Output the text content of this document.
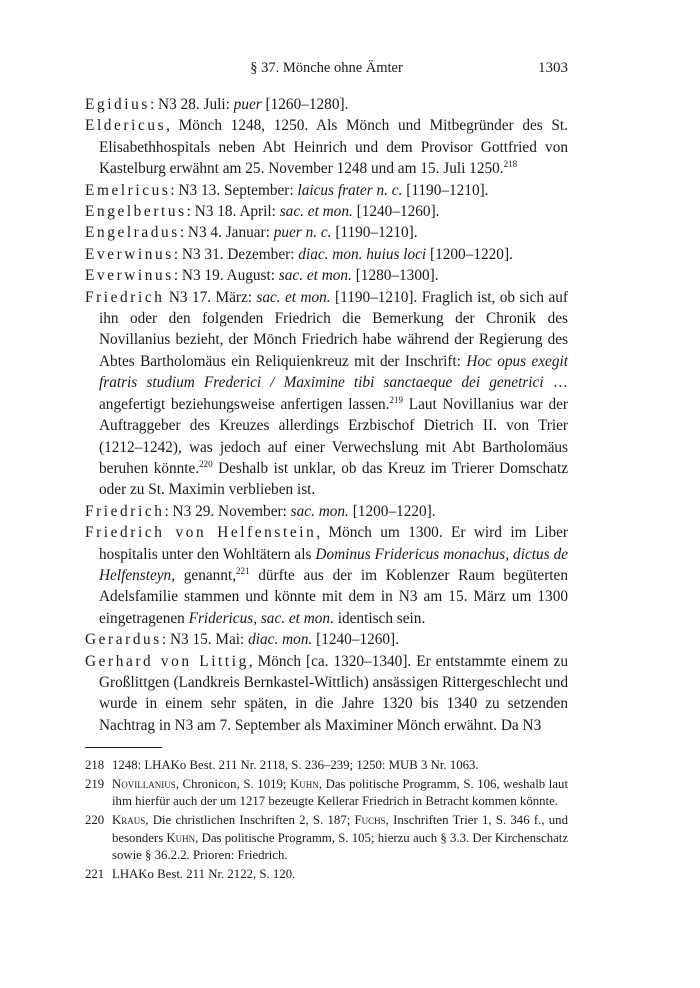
§ 37. Mönche ohne Ämter	1303

Egidius: N3 28. Juli: puer [1260–1280].

Eldericus, Mönch 1248, 1250. Als Mönch und Mitbegründer des St. Elisabethhospitals neben Abt Heinrich und dem Provisor Gottfried von Kastelburg erwähnt am 25. November 1248 und am 15. Juli 1250.$^{218}$

Emelricus: N3 13. September: laicus frater n. c. [1190–1210].

Engelbertus: N3 18. April: sac. et mon. [1240–1260].

Engelradus: N3 4. Januar: puer n. c. [1190–1210].

Everwinus: N3 31. Dezember: diac. mon. huius loci [1200–1220].

Everwinus: N3 19. August: sac. et mon. [1280–1300].

Friedrich N3 17. März: sac. et mon. [1190–1210]. Fraglich ist, ob sich auf ihn oder den folgenden Friedrich die Bemerkung der Chronik des Novillanius bezieht, der Mönch Friedrich habe während der Regierung des Abtes Bartholomäus ein Reliquienkreuz mit der Inschrift: Hoc opus exegit fratris studium Frederici / Maximine tibi sanctaeque dei genetrici … angefertigt beziehungsweise anfertigen lassen.$^{219}$ Laut Novillanius war der Auftraggeber des Kreuzes allerdings Erzbischof Dietrich II. von Trier (1212–1242), was jedoch auf einer Verwechslung mit Abt Bartholomäus beruhen könnte.$^{220}$ Deshalb ist unklar, ob das Kreuz im Trierer Domschatz oder zu St. Maximin verblieben ist.

Friedrich: N3 29. November: sac. mon. [1200–1220].

Friedrich von Helfenstein, Mönch um 1300. Er wird im Liber hospitalis unter den Wohltätern als Dominus Fridericus monachus, dictus de Helfensteyn, genannt,$^{221}$ dürfte aus der im Koblenzer Raum begüterten Adelsfamilie stammen und könnte mit dem in N3 am 15. März um 1300 eingetragenen Fridericus, sac. et mon. identisch sein.

Gerardus: N3 15. Mai: diac. mon. [1240–1260].

Gerhard von Littig, Mönch [ca. 1320–1340]. Er entstammte einem zu Großlittgen (Landkreis Bernkastel-Wittlich) ansässigen Rittergeschlecht und wurde in einem sehr späten, in die Jahre 1320 bis 1340 zu setzenden Nachtrag in N3 am 7. September als Maximiner Mönch erwähnt. Da N3

218 1248: LHAKo Best. 211 Nr. 2118, S. 236–239; 1250: MUB 3 Nr. 1063.

219 Novillanius, Chronicon, S. 1019; Kuhn, Das politische Programm, S. 106, weshalb laut ihm hierfür auch der um 1217 bezeugte Kellerar Friedrich in Betracht kommen könnte.

220 Kraus, Die christlichen Inschriften 2, S. 187; Fuchs, Inschriften Trier 1, S. 346 f., und besonders Kuhn, Das politische Programm, S. 105; hierzu auch § 3.3. Der Kirchenschatz sowie § 36.2.2. Prioren: Friedrich.

221 LHAKo Best. 211 Nr. 2122, S. 120.
